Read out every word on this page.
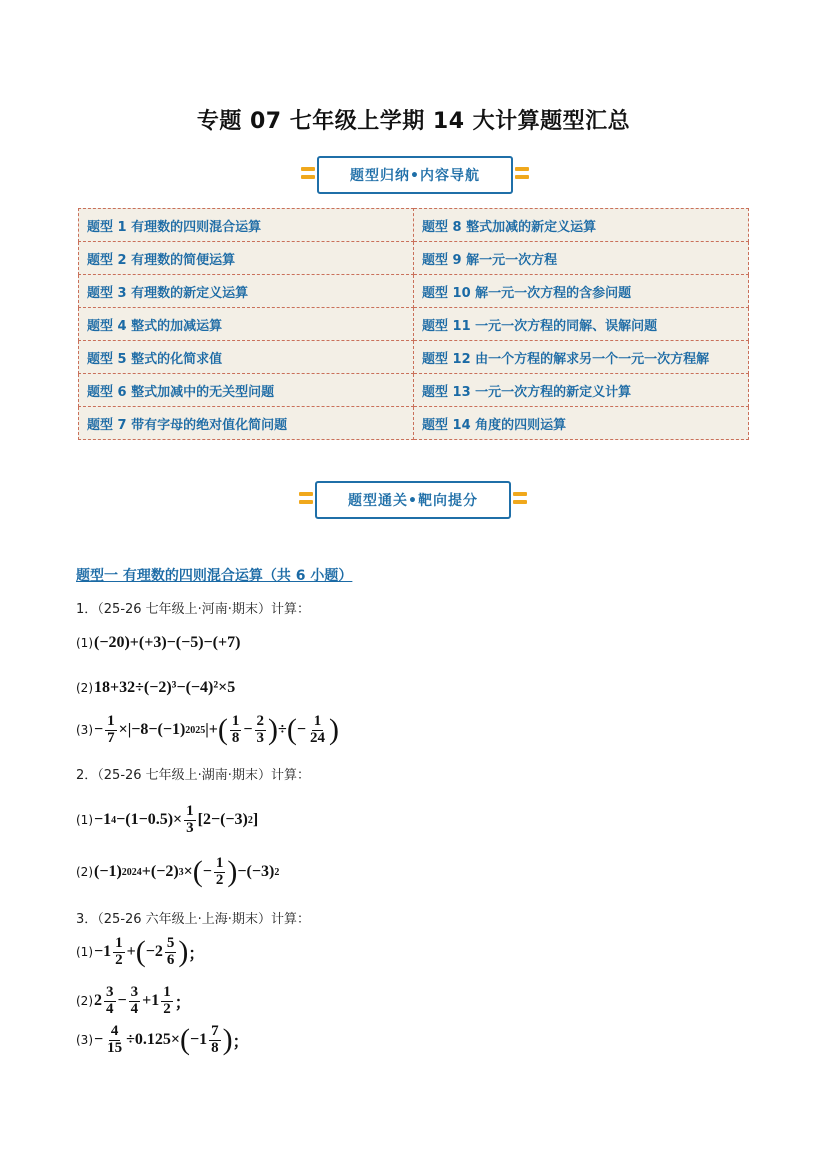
专题 07 七年级上学期 14 大计算题型汇总
题型归纳•内容导航
题型 1 有理数的四则混合运算	题型 8 整式加减的新定义运算
题型 2 有理数的简便运算	题型 9 解一元一次方程
题型 3 有理数的新定义运算	题型 10 解一元一次方程的含参问题
题型 4 整式的加减运算	题型 11 一元一次方程的同解、误解问题
题型 5 整式的化简求值	题型 12 由一个方程的解求另一个一元一次方程解
题型 6 整式加减中的无关型问题	题型 13 一元一次方程的新定义计算
题型 7 带有字母的绝对值化简问题	题型 14 角度的四则运算
题型通关•靶向提分
题型一 有理数的四则混合运算（共 6 小题）
1．（25-26 七年级上·河南·期末）计算：
(1) (−20)+(+3)−(−5)−(+7)
(2) 18+32÷(−2)³−(−4)²×5
$(3) - \frac{1}{7} \times|-8-(-1)$ 2025 |+ ( $\frac{1}{8} - \frac{2}{3}$ ) ÷ ( − $\frac{1}{24}$ )
2．（25-26 七年级上·湖南·期末）计算：
(1) −1 $4 -(1-0.5)\times \frac{1}{3} [2-(-3)$ 2 ]
(2) (−1) 2024 +(−2) 3 × ( − $\frac{1}{2}$ ) −(−3) 2
3．（25-26 六年级上·上海·期末）计算：
$(1) -1 \frac{1}{2}$ + ( $-2 \frac{5}{6}$ ) ；
(2) $2 \frac{3}{4} - \frac{3}{4} +1 \frac{1}{2}$ ；
$(3) - \frac{4}{15} \div 0.125\times$ ( $-1 \frac{7}{8}$ ) ；
